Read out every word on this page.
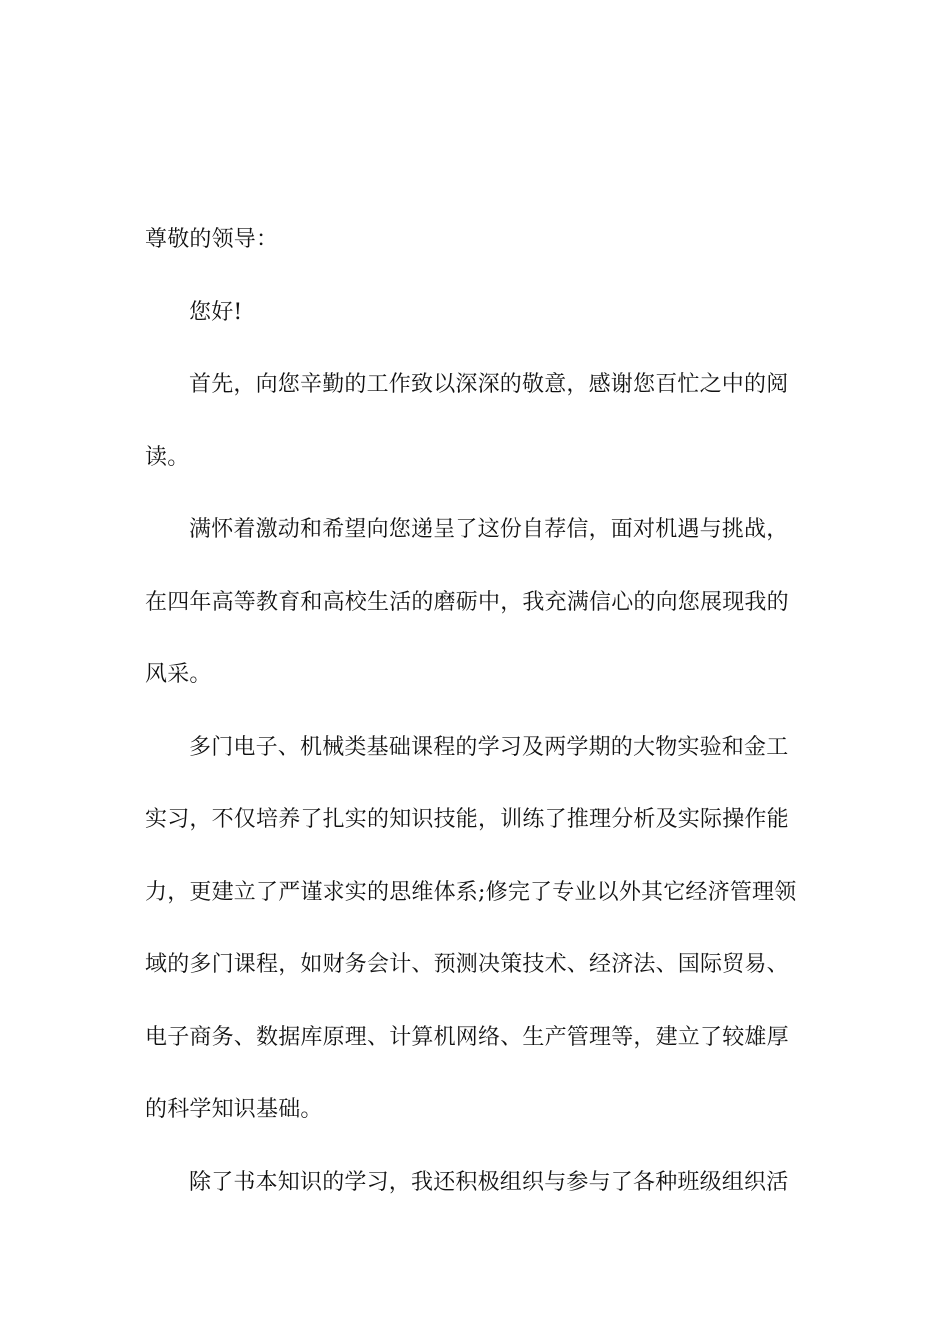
尊敬的领导：
您好!
首先，向您辛勤的工作致以深深的敬意，感谢您百忙之中的阅
读。
满怀着激动和希望向您递呈了这份自荐信，面对机遇与挑战，
在四年高等教育和高校生活的磨砺中，我充满信心的向您展现我的
风采。
多门电子、机械类基础课程的学习及两学期的大物实验和金工
实习，不仅培养了扎实的知识技能，训练了推理分析及实际操作能
力，更建立了严谨求实的思维体系;修完了专业以外其它经济管理领
域的多门课程，如财务会计、预测决策技术、经济法、国际贸易、
电子商务、数据库原理、计算机网络、生产管理等，建立了较雄厚
的科学知识基础。
除了书本知识的学习，我还积极组织与参与了各种班级组织活
